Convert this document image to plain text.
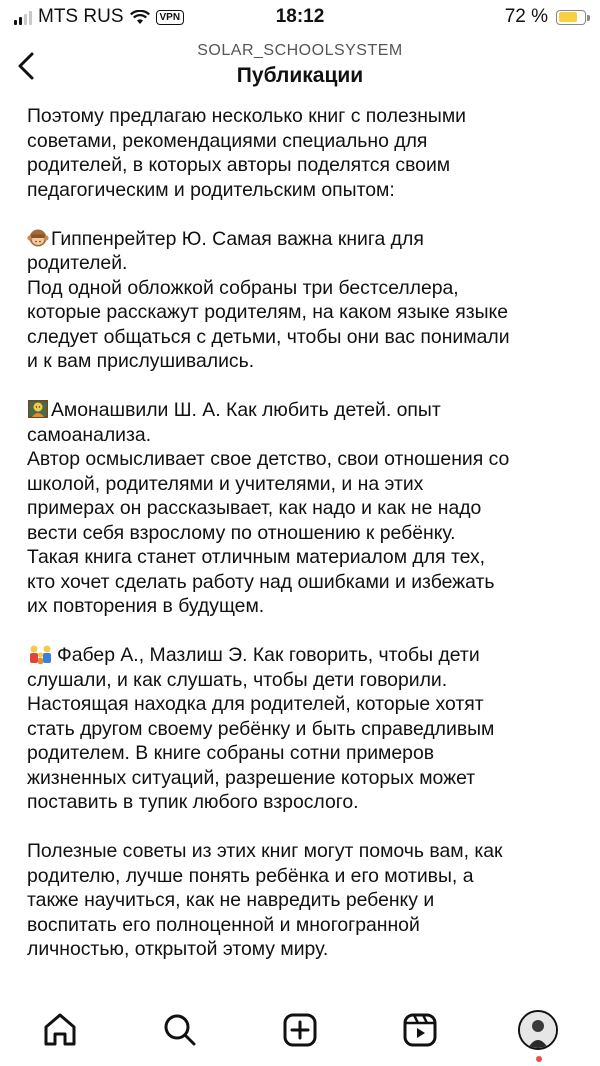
MTS RUS	VPN	18:12	72 %
SOLAR_SCHOOLSYSTEM
Публикации

Поэтому предлагаю несколько книг с полезными
советами, рекомендациями специально для
родителей, в которых авторы поделятся своим
педагогическим и родительским опытом:

Гиппенрейтер Ю. Самая важна книга для
родителей.

Под одной обложкой собраны три бестселлера,
которые расскажут родителям, на каком языке языке
следует общаться с детьми, чтобы они вас понимали
и к вам прислушивались.

Амонашвили Ш. А. Как любить детей. опыт
самоанализа.

Автор осмысливает свое детство, свои отношения со
школой, родителями и учителями, и на этих
примерах он рассказывает, как надо и как не надо
вести себя взрослому по отношению к ребёнку.
Такая книга станет отличным материалом для тех,
кто хочет сделать работу над ошибками и избежать
их повторения в будущем.

Фабер А., Мазлиш Э. Как говорить, чтобы дети
слушали, и как слушать, чтобы дети говорили.

Настоящая находка для родителей, которые хотят
стать другом своему ребёнку и быть справедливым
родителем. В книге собраны сотни примеров
жизненных ситуаций, разрешение которых может
поставить в тупик любого взрослого.

Полезные советы из этих книг могут помочь вам, как
родителю, лучше понять ребёнка и его мотивы, а
также научиться, как не навредить ребенку и
воспитать его полноценной и многогранной
личностью, открытой этому миру.
